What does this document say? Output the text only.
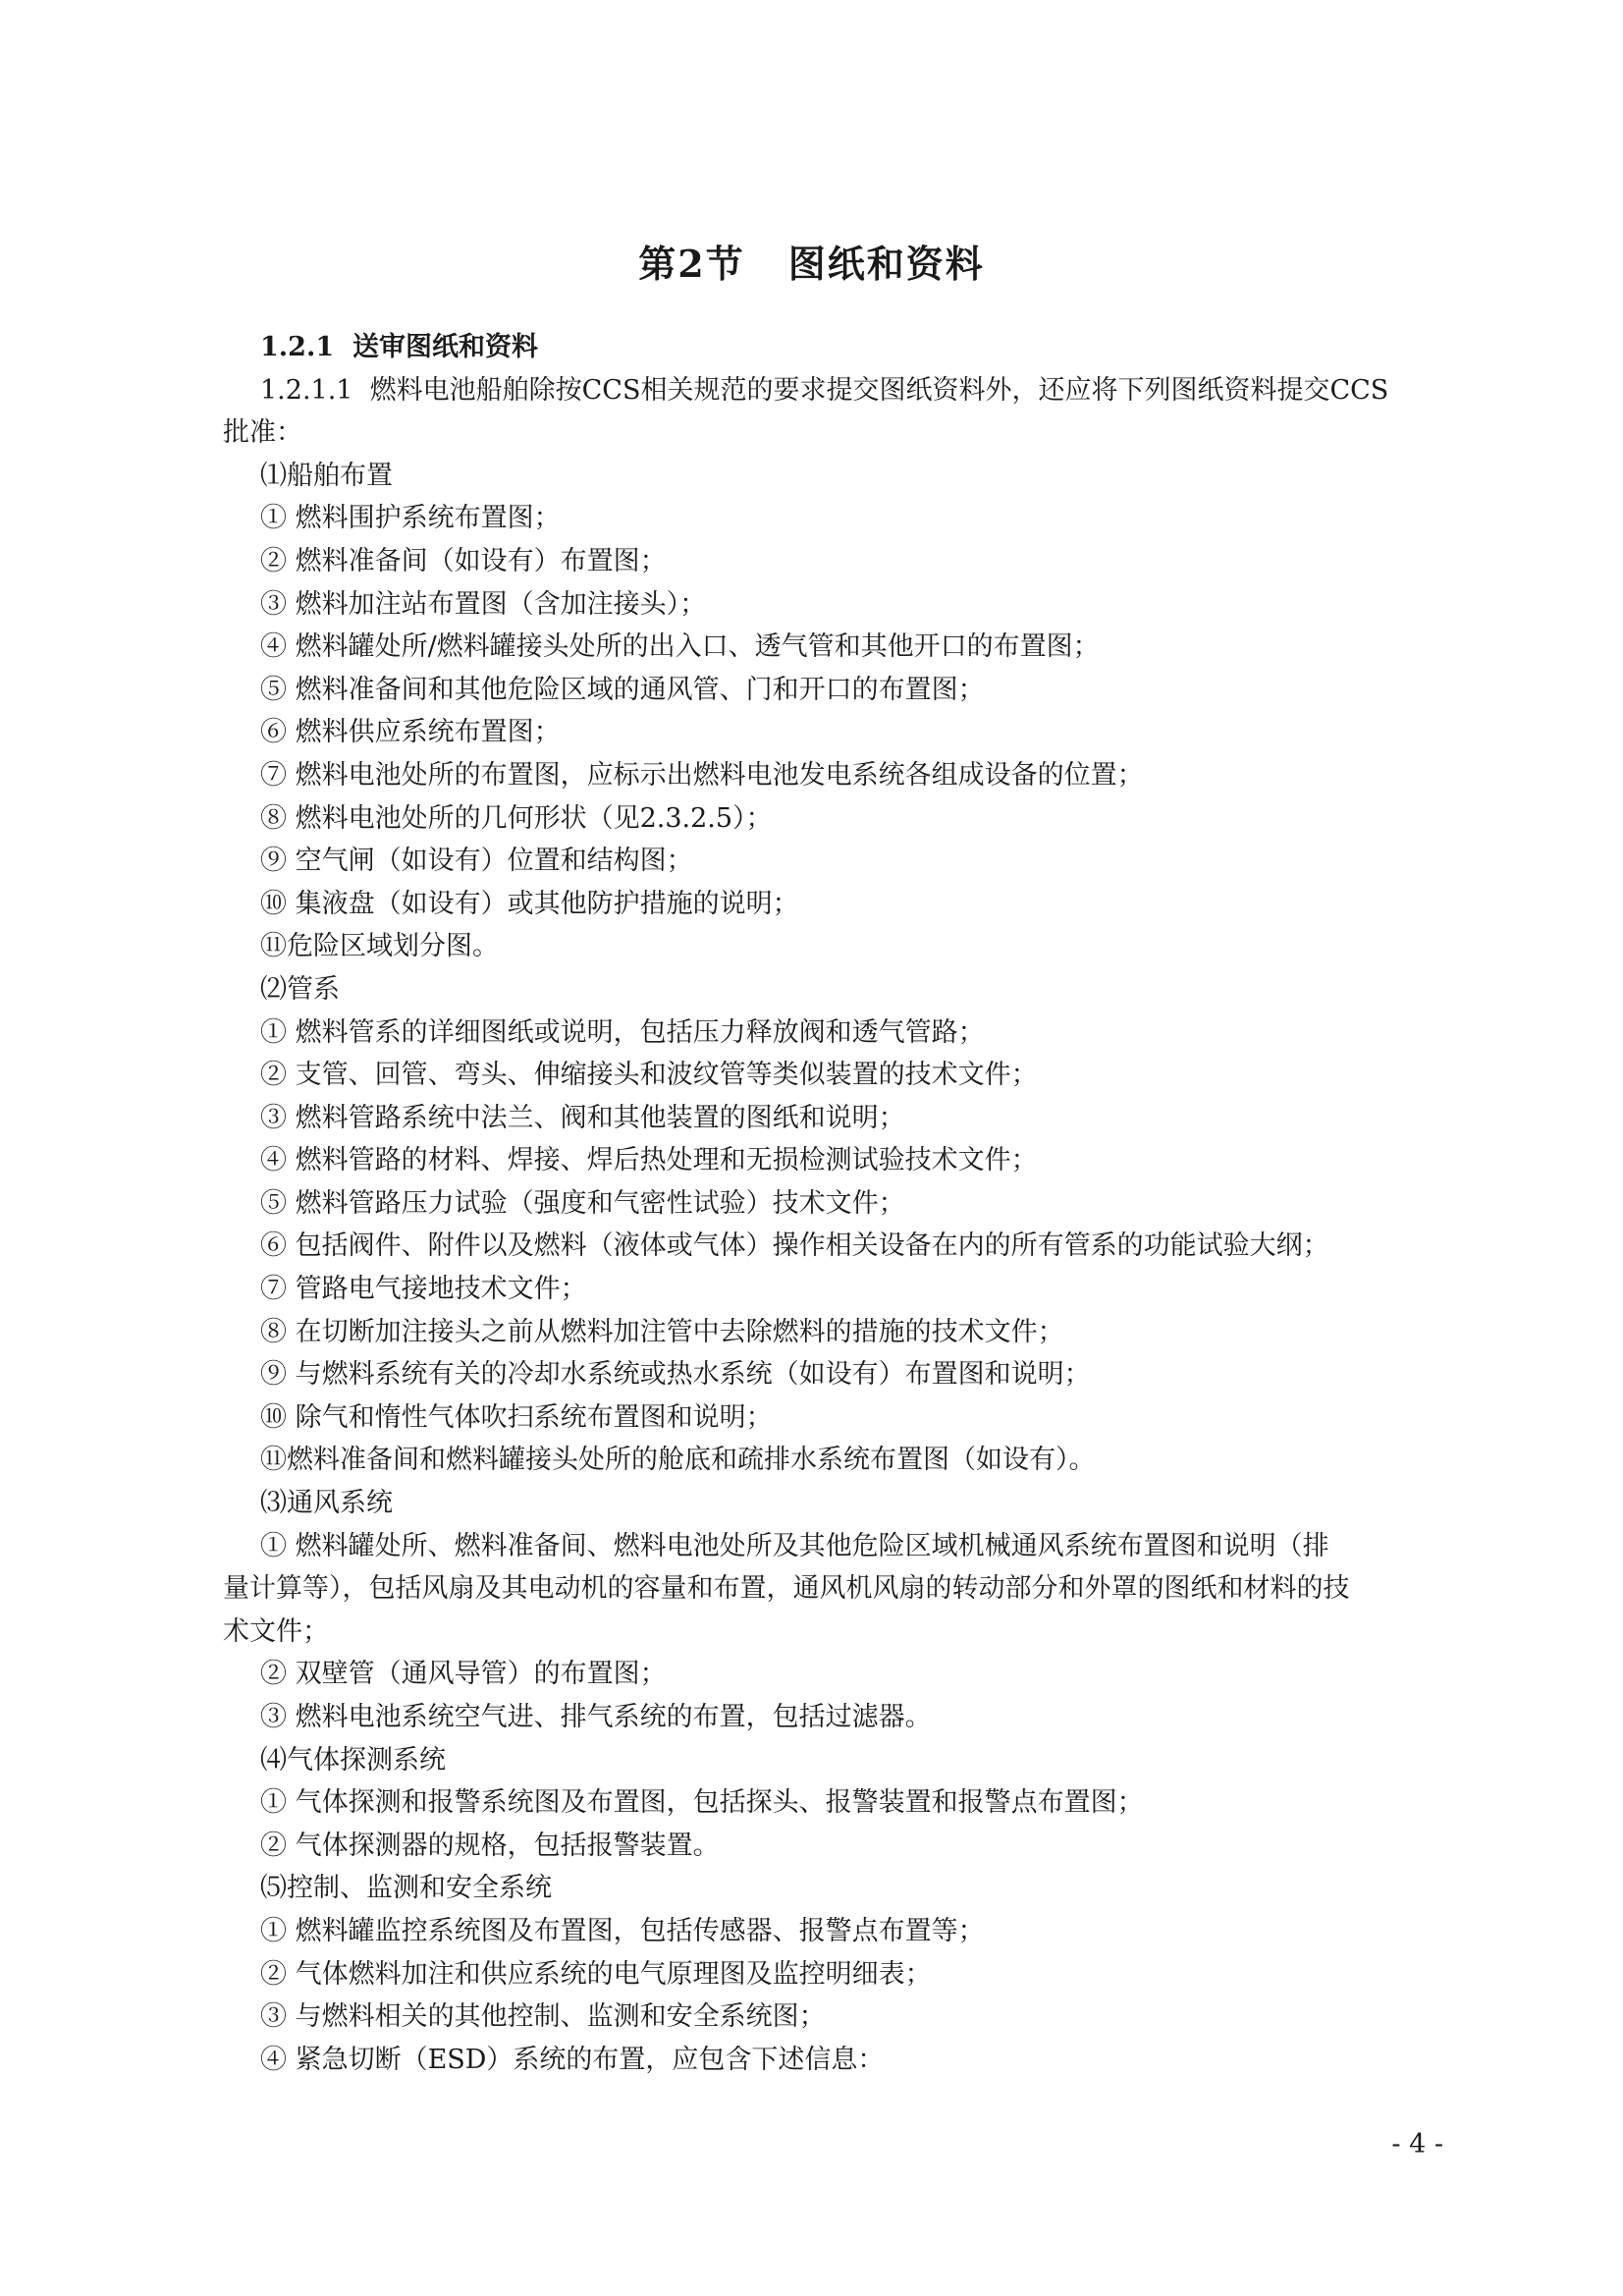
第2节 图纸和资料
1.2.1 送审图纸和资料
1.2.1.1 燃料电池船舶除按CCS相关规范的要求提交图纸资料外，还应将下列图纸资料提交CCS
批准：
⑴船舶布置
① 燃料围护系统布置图；
② 燃料准备间（如设有）布置图；
③ 燃料加注站布置图（含加注接头）；
④ 燃料罐处所/燃料罐接头处所的出入口、透气管和其他开口的布置图；
⑤ 燃料准备间和其他危险区域的通风管、门和开口的布置图；
⑥ 燃料供应系统布置图；
⑦ 燃料电池处所的布置图，应标示出燃料电池发电系统各组成设备的位置；
⑧ 燃料电池处所的几何形状（见2.3.2.5）；
⑨ 空气闸（如设有）位置和结构图；
⑩ 集液盘（如设有）或其他防护措施的说明；
⑪危险区域划分图。
⑵管系
① 燃料管系的详细图纸或说明，包括压力释放阀和透气管路；
② 支管、回管、弯头、伸缩接头和波纹管等类似装置的技术文件；
③ 燃料管路系统中法兰、阀和其他装置的图纸和说明；
④ 燃料管路的材料、焊接、焊后热处理和无损检测试验技术文件；
⑤ 燃料管路压力试验（强度和气密性试验）技术文件；
⑥ 包括阀件、附件以及燃料（液体或气体）操作相关设备在内的所有管系的功能试验大纲；
⑦ 管路电气接地技术文件；
⑧ 在切断加注接头之前从燃料加注管中去除燃料的措施的技术文件；
⑨ 与燃料系统有关的冷却水系统或热水系统（如设有）布置图和说明；
⑩ 除气和惰性气体吹扫系统布置图和说明；
⑪燃料准备间和燃料罐接头处所的舱底和疏排水系统布置图（如设有）。
⑶通风系统
① 燃料罐处所、燃料准备间、燃料电池处所及其他危险区域机械通风系统布置图和说明（排
量计算等），包括风扇及其电动机的容量和布置，通风机风扇的转动部分和外罩的图纸和材料的技
术文件；
② 双壁管（通风导管）的布置图；
③ 燃料电池系统空气进、排气系统的布置，包括过滤器。
⑷气体探测系统
① 气体探测和报警系统图及布置图，包括探头、报警装置和报警点布置图；
② 气体探测器的规格，包括报警装置。
⑸控制、监测和安全系统
① 燃料罐监控系统图及布置图，包括传感器、报警点布置等；
② 气体燃料加注和供应系统的电气原理图及监控明细表；
③ 与燃料相关的其他控制、监测和安全系统图；
④ 紧急切断（ESD）系统的布置，应包含下述信息：
- 4 -
